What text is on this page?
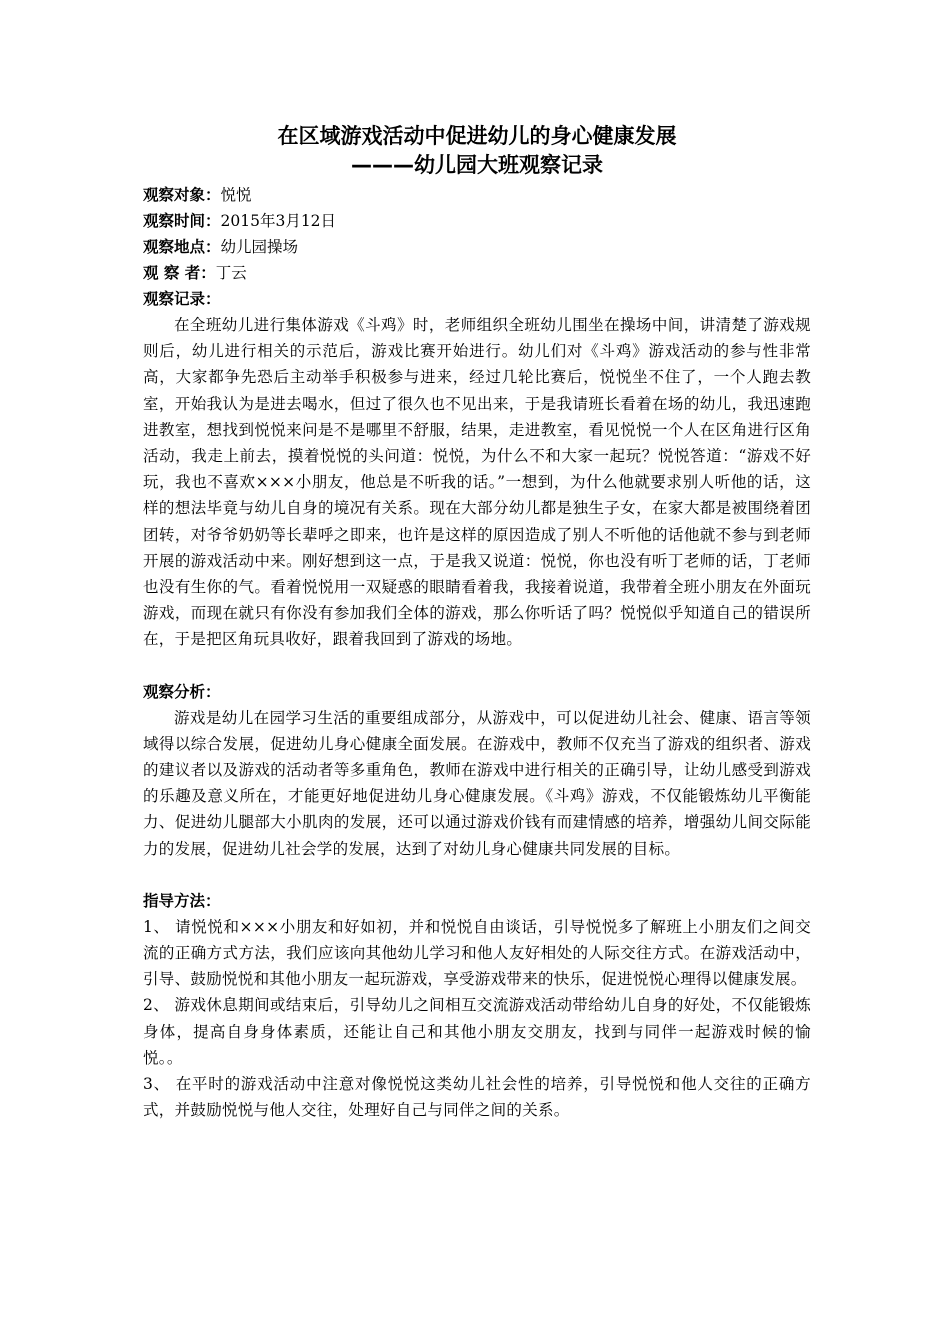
在区域游戏活动中促进幼儿的身心健康发展
———幼儿园大班观察记录

观察对象：悦悦

观察时间：2015年3月12日

观察地点：幼儿园操场

观 察 者：丁云

观察记录：

在全班幼儿进行集体游戏《斗鸡》时，老师组织全班幼儿围坐在操场中间，讲清楚了游戏规则后，幼儿进行相关的示范后，游戏比赛开始进行。幼儿们对《斗鸡》游戏活动的参与性非常高，大家都争先恐后主动举手积极参与进来，经过几轮比赛后，悦悦坐不住了，一个人跑去教室，开始我认为是进去喝水，但过了很久也不见出来，于是我请班长看着在场的幼儿，我迅速跑进教室，想找到悦悦来问是不是哪里不舒服，结果，走进教室，看见悦悦一个人在区角进行区角活动，我走上前去，摸着悦悦的头问道：悦悦，为什么不和大家一起玩？悦悦答道：“游戏不好玩，我也不喜欢×××小朋友，他总是不听我的话。”一想到，为什么他就要求别人听他的话，这样的想法毕竟与幼儿自身的境况有关系。现在大部分幼儿都是独生子女，在家大都是被围绕着团团转，对爷爷奶奶等长辈呼之即来，也许是这样的原因造成了别人不听他的话他就不参与到老师开展的游戏活动中来。刚好想到这一点，于是我又说道：悦悦，你也没有听丁老师的话，丁老师也没有生你的气。看着悦悦用一双疑惑的眼睛看着我，我接着说道，我带着全班小朋友在外面玩游戏，而现在就只有你没有参加我们全体的游戏，那么你听话了吗？悦悦似乎知道自己的错误所在，于是把区角玩具收好，跟着我回到了游戏的场地。

观察分析：

游戏是幼儿在园学习生活的重要组成部分，从游戏中，可以促进幼儿社会、健康、语言等领域得以综合发展，促进幼儿身心健康全面发展。在游戏中，教师不仅充当了游戏的组织者、游戏的建议者以及游戏的活动者等多重角色，教师在游戏中进行相关的正确引导，让幼儿感受到游戏的乐趣及意义所在，才能更好地促进幼儿身心健康发展。《斗鸡》游戏，不仅能锻炼幼儿平衡能力、促进幼儿腿部大小肌肉的发展，还可以通过游戏价钱有而建情感的培养，增强幼儿间交际能力的发展，促进幼儿社会学的发展，达到了对幼儿身心健康共同发展的目标。

指导方法：

1、 请悦悦和×××小朋友和好如初，并和悦悦自由谈话，引导悦悦多了解班上小朋友们之间交流的正确方式方法，我们应该向其他幼儿学习和他人友好相处的人际交往方式。在游戏活动中，引导、鼓励悦悦和其他小朋友一起玩游戏，享受游戏带来的快乐，促进悦悦心理得以健康发展。

2、 游戏休息期间或结束后，引导幼儿之间相互交流游戏活动带给幼儿自身的好处，不仅能锻炼身体，提高自身身体素质，还能让自己和其他小朋友交朋友，找到与同伴一起游戏时候的愉悦。。

3、 在平时的游戏活动中注意对像悦悦这类幼儿社会性的培养，引导悦悦和他人交往的正确方式，并鼓励悦悦与他人交往，处理好自己与同伴之间的关系。
